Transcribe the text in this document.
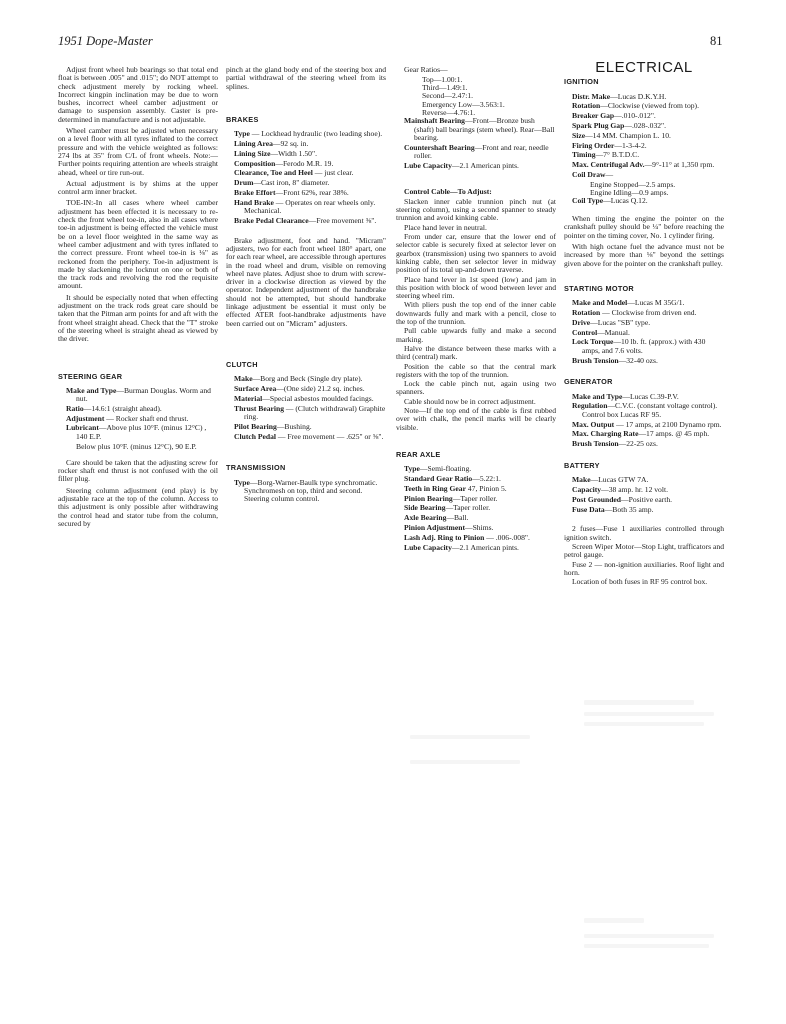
1951 Dope-Master	81

Adjust front wheel hub bearings so that total end float is between .005" and .015"; do NOT attempt to check adjustment merely by rocking wheel. Incorrect kingpin inclination may be due to worn bushes, incorrect wheel camber adjustment or damage to suspension assembly. Caster is pre-determined in manufacture and is not adjustable.

Wheel camber must be adjusted when necessary on a level floor with all tyres inflated to the correct pressure and with the vehicle weighted as follows: 274 lbs at 35" from C/L of front wheels. Note:—Further points requiring attention are wheels straight ahead, wheel or tire run-out.

Actual adjustment is by shims at the upper control arm inner bracket.

TOE-IN:-In all cases where wheel camber adjustment has been effected it is necessary to re-check the front wheel toe-in, also in all cases where toe-in adjustment is being effected the vehicle must be on a level floor weighted in the same way as wheel camber adjustment and with tyres inflated to the correct pressure. Front wheel toe-in is ⅛" as reckoned from the periphery. Toe-in adjustment is made by slackening the locknut on one or both of the track rods and revolving the rod the requisite amount.

It should be especially noted that when effecting adjustment on the track rods great care should be taken that the Pitman arm points for and aft with the front wheel straight ahead. Check that the "T" stroke of the steering wheel is straight ahead as viewed by the driver.

STEERING GEAR
Make and Type—Burman Douglas. Worm and nut.
Ratio—14.6:1 (straight ahead).
Adjustment — Rocker shaft end thrust.
Lubricant—Above plus 10°F. (minus 12°C) , 140 E.P.
Below plus 10°F. (minus 12°C), 90 E.P.

Care should be taken that the adjusting screw for rocker shaft end thrust is not confused with the oil filler plug.

Steering column adjustment (end play) is by adjustable race at the top of the column. Access to this adjustment is only possible after withdrawing the control head and stator tube from the column, secured by

pinch at the gland body end of the steering box and partial withdrawal of the steering wheel from its splines.

BRAKES
Type — Lockhead hydraulic (two leading shoe).
Lining Area—92 sq. in.
Lining Size—Width 1.50".
Composition—Ferodo M.R. 19.
Clearance, Toe and Heel — just clear.
Drum—Cast iron, 8" diameter.
Brake Effort—Front 62%, rear 38%.
Hand Brake — Operates on rear wheels only. Mechanical.
Brake Pedal Clearance—Free movement ⅜".

Brake adjustment, foot and hand. "Micram" adjusters, two for each front wheel 180° apart, one for each rear wheel, are accessible through apertures in the road wheel and drum, visible on removing wheel nave plates. Adjust shoe to drum with screw-driver in a clockwise direction as viewed by the operator. Independent adjustment of the handbrake should not be attempted, but should handbrake linkage adjustment be essential it must only be effected ATER foot-handbrake adjustments have been carried out on "Micram" adjusters.

CLUTCH
Make—Borg and Beck (Single dry plate).
Surface Area—(One side) 21.2 sq. inches.
Material—Special asbestos moulded facings.
Thrust Bearing — (Clutch withdrawal) Graphite ring.
Pilot Bearing—Bushing.
Clutch Pedal — Free movement — .625" or ⅝".
TRANSMISSION
Type—Borg-Warner-Baulk type synchromatic. Synchromesh on top, third and second. Steering column control.
Gear Ratios—
Top—1.00:1.
Third—1.49:1.
Second—2.47:1.
Emergency Low—3.563:1.
Reverse—4.76:1.
Mainshaft Bearing—Front—Bronze bush (shaft) ball bearings (stem wheel). Rear—Ball bearing.
Countershaft Bearing—Front and rear, needle roller.
Lube Capacity—2.1 American pints.
Control Cable—To Adjust:

Slacken inner cable trunnion pinch nut (at steering column), using a second spanner to steady trunnion and avoid kinking cable.

Place hand lever in neutral.

From under car, ensure that the lower end of selector cable is securely fixed at selector lever on gearbox (transmission) using two spanners to avoid kinking cable, then set selector lever in midway position of its total up-and-down traverse.

Place hand lever in 1st speed (low) and jam in this position with block of wood between lever and steering wheel rim.

With pliers push the top end of the inner cable downwards fully and mark with a pencil, close to the top of the trunnion.

Pull cable upwards fully and make a second marking.

Halve the distance between these marks with a third (central) mark.

Position the cable so that the central mark registers with the top of the trunnion.

Lock the cable pinch nut, again using two spanners.

Cable should now be in correct adjustment.

Note—If the top end of the cable is first rubbed over with chalk, the pencil marks will be clearly visible.

REAR AXLE
Type—Semi-floating.
Standard Gear Ratio—5.22:1.
Teeth in Ring Gear 47, Pinion 5.
Pinion Bearing—Taper roller.
Side Bearing—Taper roller.
Axle Bearing—Ball.
Pinion Adjustment—Shims.
Lash Adj. Ring to Pinion — .006-.008".
Lube Capacity—2.1 American pints.
ELECTRICAL
IGNITION
Distr. Make—Lucas D.K.Y.H.
Rotation—Clockwise (viewed from top).
Breaker Gap—.010-.012".
Spark Plug Gap—.028-.032".
Size—14 MM. Champion L. 10.
Firing Order—1-3-4-2.
Timing—7° B.T.D.C.
Max. Centrifugal Adv.—9°-11° at 1,350 rpm.
Coil Draw—
Engine Stopped—2.5 amps.
Engine Idling—0.9 amps.
Coil Type—Lucas Q.12.

When timing the engine the pointer on the crankshaft pulley should be ¼" before reaching the pointer on the timing cover, No. 1 cylinder firing.

With high octane fuel the advance must not be increased by more than ⅛" beyond the settings given above for the pointer on the crankshaft pulley.

STARTING MOTOR
Make and Model—Lucas M 35G/1.
Rotation — Clockwise from driven end.
Drive—Lucas "SB" type.
Control—Manual.
Lock Torque—10 lb. ft. (approx.) with 430 amps, and 7.6 volts.
Brush Tension—32-40 ozs.
GENERATOR
Make and Type—Lucas C.39-P.V.
Regulation—C.V.C. (constant voltage control). Control box Lucas RF 95.
Max. Output — 17 amps, at 2100 Dynamo rpm.
Max. Charging Rate—17 amps. @ 45 mph.
Brush Tension—22-25 ozs.
BATTERY
Make—Lucas GTW 7A.
Capacity—38 amp. hr. 12 volt.
Post Grounded—Positive earth.
Fuse Data—Both 35 amp.

2 fuses—Fuse 1 auxiliaries controlled through ignition switch.

Screen Wiper Motor—Stop Light, trafficators and petrol gauge.

Fuse 2 — non-ignition auxiliaries. Roof light and horn.

Location of both fuses in RF 95 control box.
